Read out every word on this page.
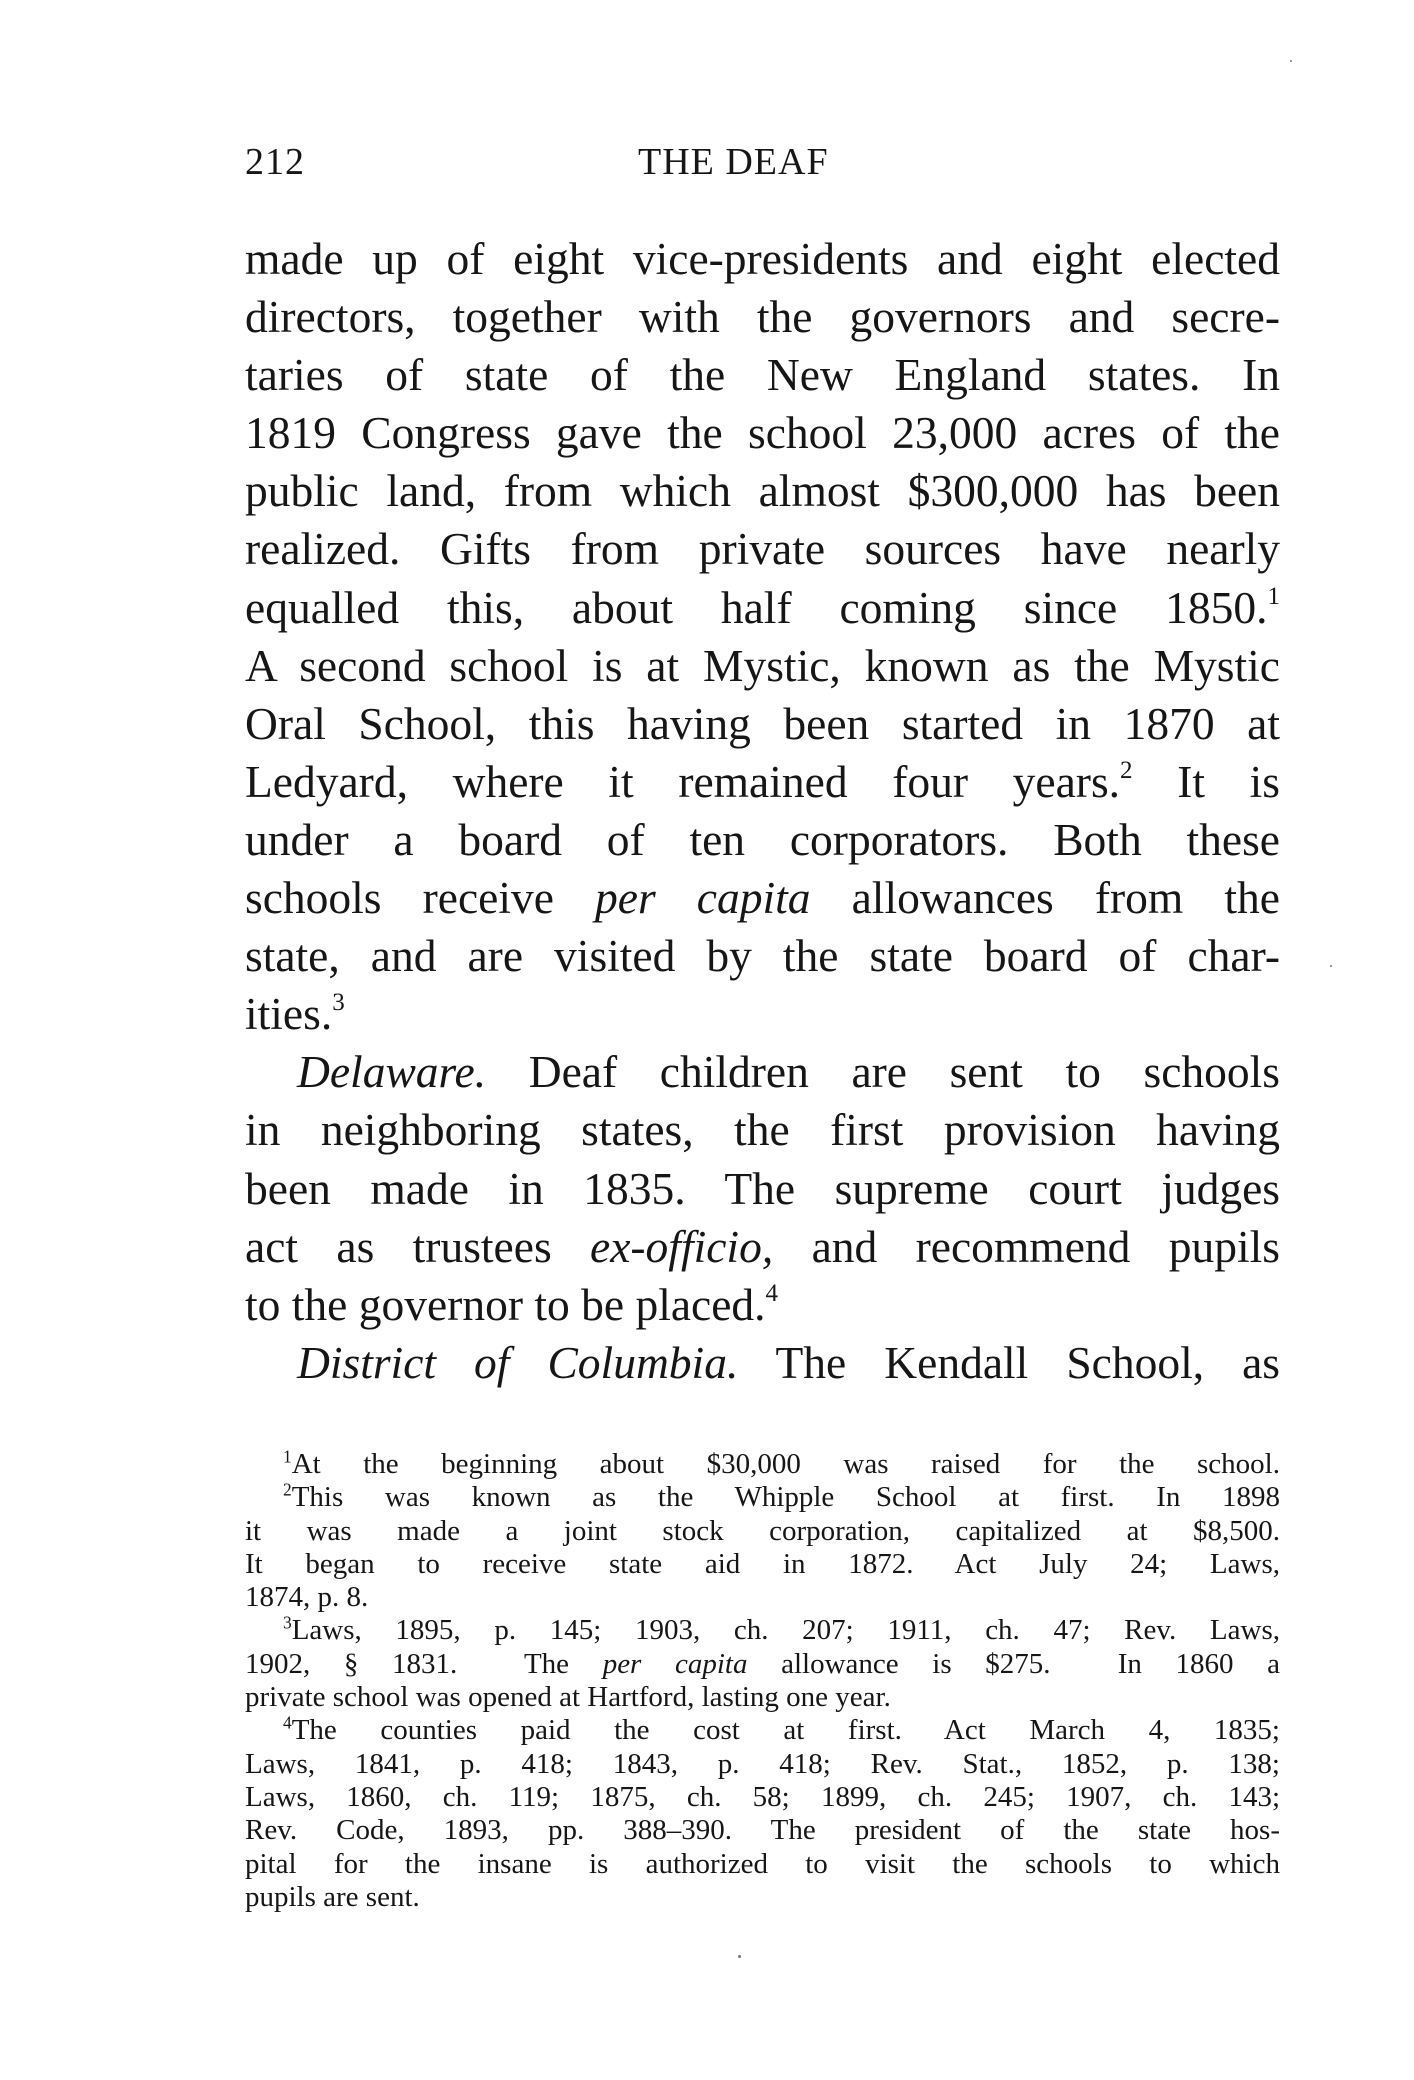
212	THE DEAF
made up of eight vice-presidents and eight elected
directors, together with the governors and secre-
taries of state of the New England states. In
1819 Congress gave the school 23,000 acres of the
public land, from which almost $300,000 has been
realized. Gifts from private sources have nearly
equalled this, about half coming since 1850.$^1$
A second school is at Mystic, known as the Mystic
Oral School, this having been started in 1870 at
Ledyard, where it remained four years.$^2$ It is
under a board of ten corporators. Both these
schools receive per capita allowances from the
state, and are visited by the state board of char-
ities.$^3$
Delaware. Deaf children are sent to schools
in neighboring states, the first provision having
been made in 1835. The supreme court judges
act as trustees ex-officio, and recommend pupils
to the governor to be placed.$^4$
District of Columbia. The Kendall School, as
$^1$At the beginning about $30,000 was raised for the school.
$^2$This was known as the Whipple School at first. In 1898
it was made a joint stock corporation, capitalized at $8,500.
It began to receive state aid in 1872. Act July 24; Laws,
1874, p. 8.
$^3$Laws, 1895, p. 145; 1903, ch. 207; 1911, ch. 47; Rev. Laws,
1902, § 1831.  The per capita allowance is $275.  In 1860 a
private school was opened at Hartford, lasting one year.
$^4$The counties paid the cost at first. Act March 4, 1835;
Laws, 1841, p. 418; 1843, p. 418; Rev. Stat., 1852, p. 138;
Laws, 1860, ch. 119; 1875, ch. 58; 1899, ch. 245; 1907, ch. 143;
Rev. Code, 1893, pp. 388–390. The president of the state hos-
pital for the insane is authorized to visit the schools to which
pupils are sent.
